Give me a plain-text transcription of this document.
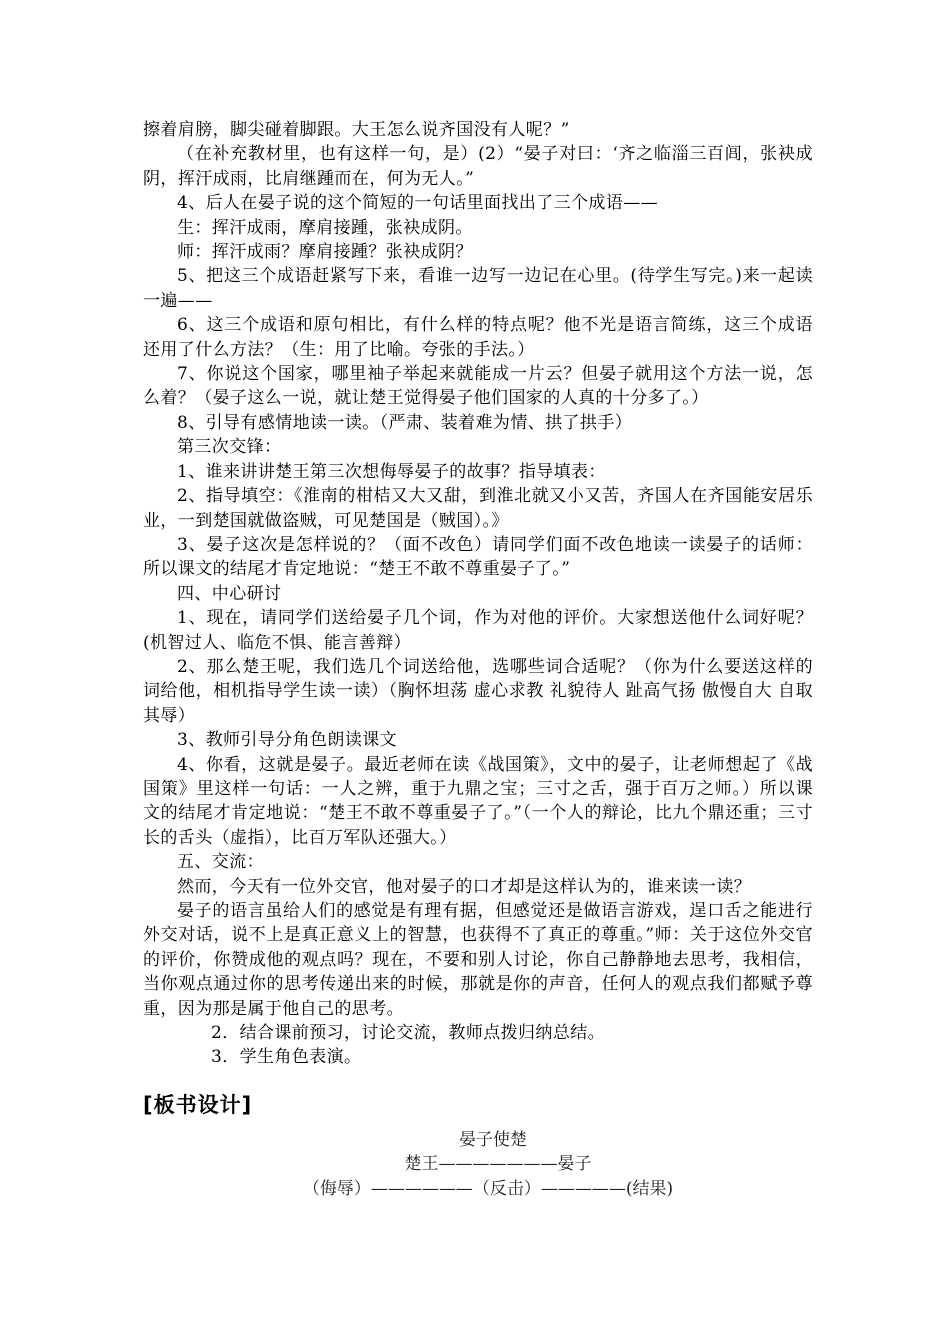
擦着肩膀，脚尖碰着脚跟。大王怎么说齐国没有人呢？”

（在补充教材里，也有这样一句，是）(2）“晏子对曰：‘齐之临淄三百闾，张袂成阴，挥汗成雨，比肩继踵而在，何为无人。”

4、后人在晏子说的这个简短的一句话里面找出了三个成语——

生：挥汗成雨，摩肩接踵，张袂成阴。

师：挥汗成雨？摩肩接踵？张袂成阴？

5、把这三个成语赶紧写下来，看谁一边写一边记在心里。(待学生写完。)来一起读一遍——

6、这三个成语和原句相比，有什么样的特点呢？他不光是语言简练，这三个成语还用了什么方法？（生：用了比喻。夸张的手法。）

7、你说这个国家，哪里袖子举起来就能成一片云？但晏子就用这个方法一说，怎么着？（晏子这么一说，就让楚王觉得晏子他们国家的人真的十分多了。）

8、引导有感情地读一读。（严肃、装着难为情、拱了拱手）

第三次交锋：

1、谁来讲讲楚王第三次想侮辱晏子的故事？指导填表：

2、指导填空：《淮南的柑桔又大又甜，到淮北就又小又苦，齐国人在齐国能安居乐业，一到楚国就做盗贼，可见楚国是（贼国）。》

3、晏子这次是怎样说的？（面不改色）请同学们面不改色地读一读晏子的话师：所以课文的结尾才肯定地说：“楚王不敢不尊重晏子了。”

四、中心研讨

1、现在，请同学们送给晏子几个词，作为对他的评价。大家想送他什么词好呢？(机智过人、临危不惧、能言善辩）

2、那么楚王呢，我们选几个词送给他，选哪些词合适呢？（你为什么要送这样的词给他，相机指导学生读一读）（胸怀坦荡 虚心求教 礼貌待人 趾高气扬 傲慢自大 自取其辱）

3、教师引导分角色朗读课文

4、你看，这就是晏子。最近老师在读《战国策》，文中的晏子，让老师想起了《战国策》里这样一句话：一人之辨，重于九鼎之宝；三寸之舌，强于百万之师。）所以课文的结尾才肯定地说：“楚王不敢不尊重晏子了。”（一个人的辩论，比九个鼎还重；三寸长的舌头（虚指），比百万军队还强大。）

五、交流：

然而，今天有一位外交官，他对晏子的口才却是这样认为的，谁来读一读？

晏子的语言虽给人们的感觉是有理有据，但感觉还是做语言游戏，逞口舌之能进行外交对话，说不上是真正意义上的智慧，也获得不了真正的尊重。”师：关于这位外交官的评价，你赞成他的观点吗？现在，不要和别人讨论，你自己静静地去思考，我相信，当你观点通过你的思考传递出来的时候，那就是你的声音，任何人的观点我们都赋予尊重，因为那是属于他自己的思考。

2．结合课前预习，讨论交流，教师点拨归纳总结。

3．学生角色表演。

[板书设计]
晏子使楚
楚王———————晏子
（侮辱）——————（反击）—————(结果)
